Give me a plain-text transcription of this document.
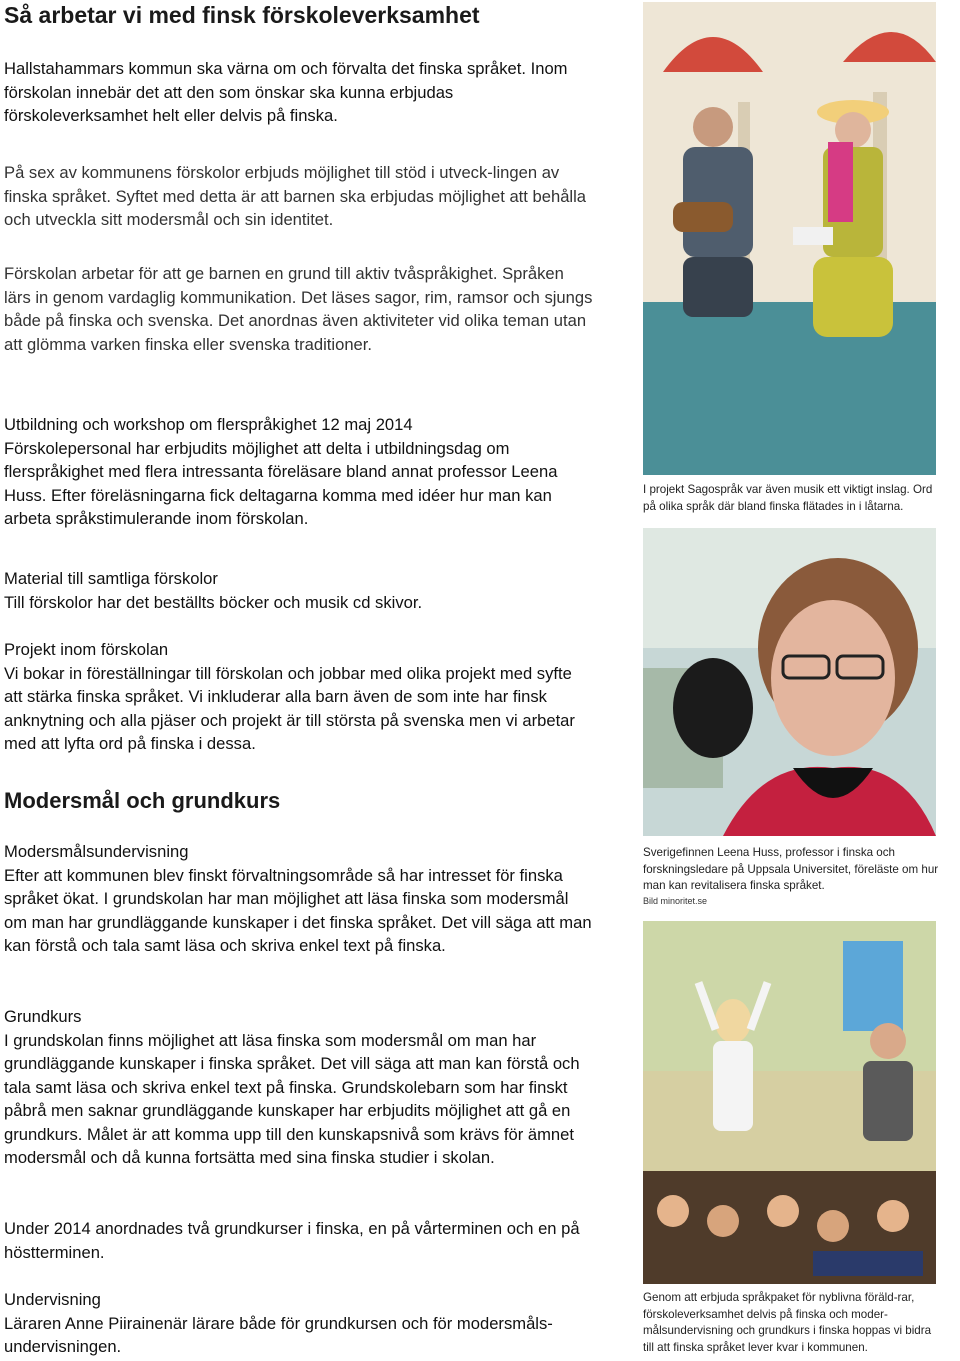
Så arbetar vi med finsk förskoleverksamhet

Hallstahammars kommun ska värna om och förvalta det finska språket. Inom förskolan innebär det att den som önskar ska kunna erbjudas förskoleverksamhet helt eller delvis på finska.

På sex av kommunens förskolor erbjuds möjlighet till stöd i utveck-lingen av finska språket. Syftet med detta är att barnen ska erbjudas möjlighet att behålla och utveckla sitt modersmål och sin identitet.

Förskolan arbetar för att ge barnen en grund till aktiv tvåspråkighet. Språken lärs in genom vardaglig kommunikation. Det läses sagor, rim, ramsor och sjungs både på finska och svenska. Det anordnas även aktiviteter vid olika teman utan att glömma varken finska eller svenska traditioner.

Utbildning och workshop om flerspråkighet 12 maj 2014
Förskolepersonal har erbjudits möjlighet att delta i utbildningsdag om flerspråkighet med flera intressanta föreläsare bland annat professor Leena Huss. Efter föreläsningarna fick deltagarna komma med idéer hur man kan arbeta språkstimulerande inom förskolan.
Material till samtliga förskolor
Till förskolor har det beställts böcker och musik cd skivor.
Projekt inom förskolan
Vi bokar in föreställningar till förskolan och jobbar med olika projekt med syfte att stärka finska språket. Vi inkluderar alla barn även de som inte har finsk anknytning och alla pjäser och projekt är till största på svenska men vi arbetar med att lyfta ord på finska i dessa.
Modersmål och grundkurs
Modersmålsundervisning
Efter att kommunen blev finskt förvaltningsområde så har intresset för finska språket ökat. I grundskolan har man möjlighet att läsa finska som modersmål om man har grundläggande kunskaper i det finska språket. Det vill säga att man kan förstå och tala samt läsa och skriva enkel text på finska.
Grundkurs
I grundskolan finns möjlighet att läsa finska som modersmål om man har grundläggande kunskaper i finska språket. Det vill säga att man kan förstå och tala samt läsa och skriva enkel text på finska. Grundskolebarn som har finskt påbrå men saknar grundläggande kunskaper har erbjudits möjlighet att gå en grundkurs. Målet är att komma upp till den kunskapsnivå som krävs för ämnet modersmål och då kunna fortsätta med sina finska studier i skolan.

Under 2014 anordnades två grundkurser i finska, en på vårterminen och en på höstterminen.

Undervisning
Läraren Anne Piirainenär lärare både för grundkursen och för modersmåls-undervisningen.

I projekt Sagospråk var även musik ett viktigt inslag. Ord på olika språk där bland finska flätades in i låtarna.

Sverigefinnen Leena Huss, professor i finska och forskningsledare på Uppsala Universitet, föreläste om hur man kan revitalisera finska språket.
Bild minoritet.se

Genom att erbjuda språkpaket för nyblivna föräld-rar, förskoleverksamhet delvis på finska och moder-målsundervisning och grundkurs i finska hoppas vi bidra till att finska språket lever kvar i kommunen.
